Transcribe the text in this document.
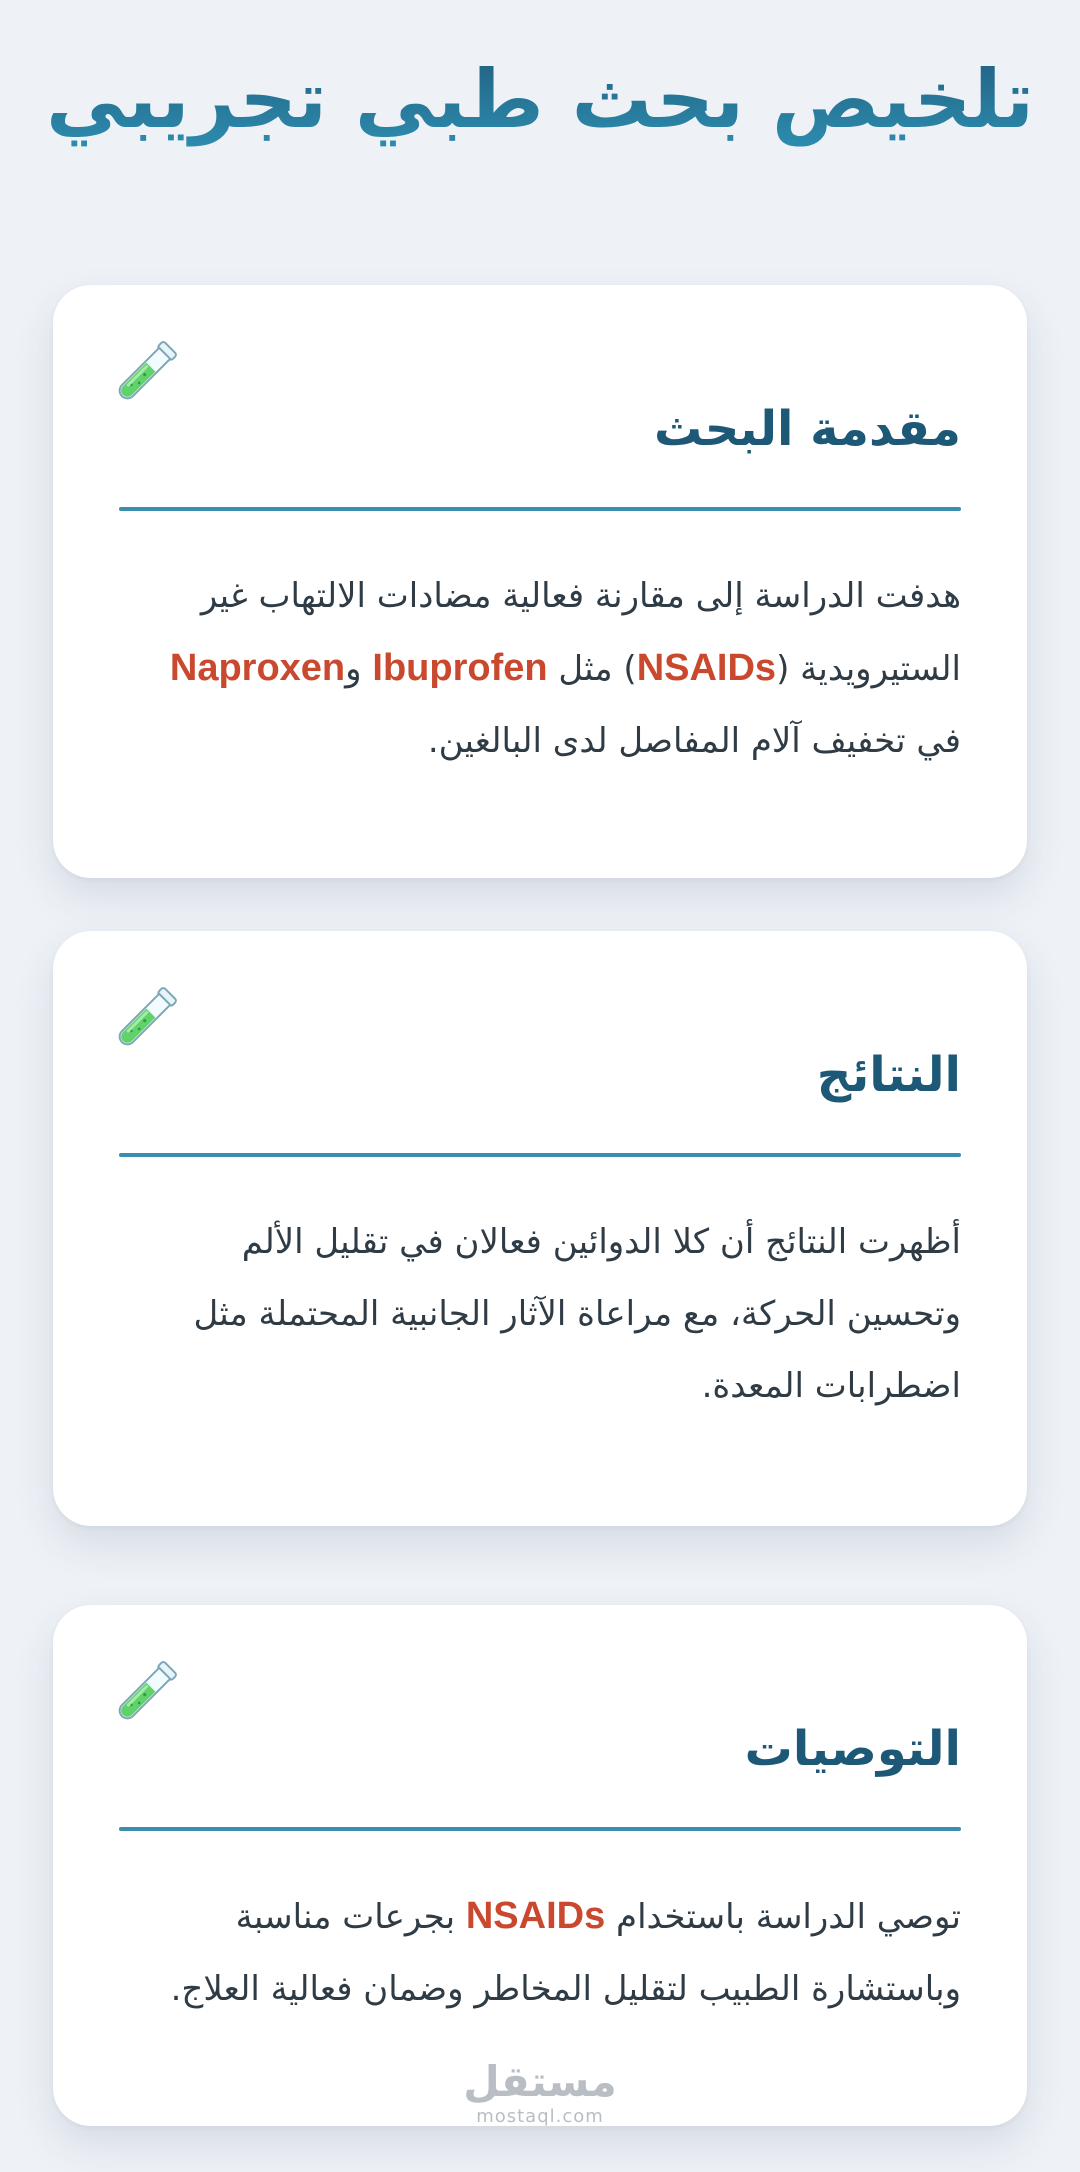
تلخيص بحث طبي تجريبي
مقدمة البحث

هدفت الدراسة إلى مقارنة فعالية مضادات الالتهاب غير الستيرويدية (NSAIDs) مثل Ibuprofen وNaproxen في تخفيف آلام المفاصل لدى البالغين.

النتائج

أظهرت النتائج أن كلا الدوائين فعالان في تقليل الألم وتحسين الحركة، مع مراعاة الآثار الجانبية المحتملة مثل اضطرابات المعدة.

التوصيات

توصي الدراسة باستخدام NSAIDs بجرعات مناسبة وباستشارة الطبيب لتقليل المخاطر وضمان فعالية العلاج.

مستقل
mostaql.com
